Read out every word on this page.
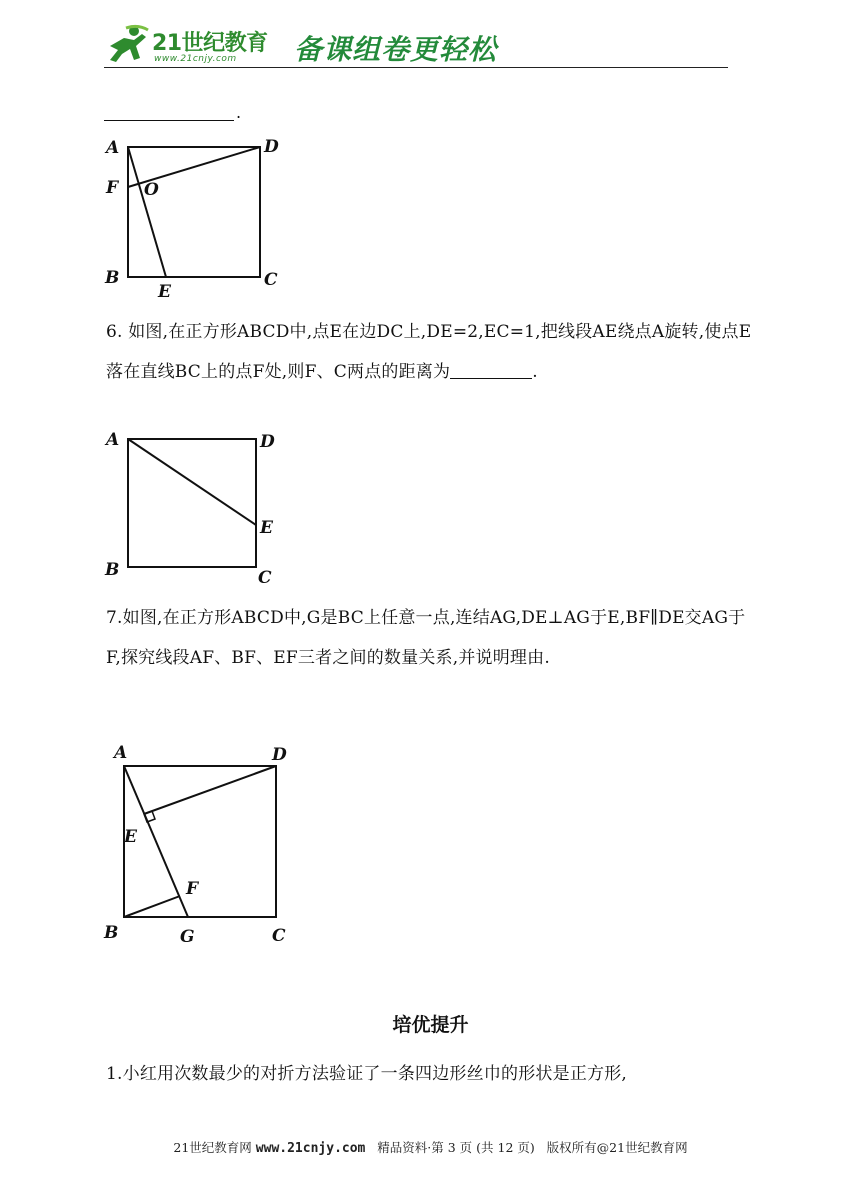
21世纪教育
www.21cnjy.com 备课组卷更轻松
.
A	D
F O
B
E
C
6. 如图,在正方形ABCD中,点E在边DC上,DE=2,EC=1,把线段AE绕点A旋转,使点E落在直线BC上的点F处,则F、C两点的距离为	.
A	D
E
B	C
7.如图,在正方形ABCD中,G是BC上任意一点,连结AG,DE⊥AG于E,BF∥DE交AG于F,探究线段AF、BF、EF三者之间的数量关系,并说明理由.
A	D
E
F
B	G	C
培优提升
1.小红用次数最少的对折方法验证了一条四边形丝巾的形状是正方形,
21世纪教育网 www.21cnjy.com 精品资料·第 3 页 (共 12 页) 版权所有@21世纪教育网
